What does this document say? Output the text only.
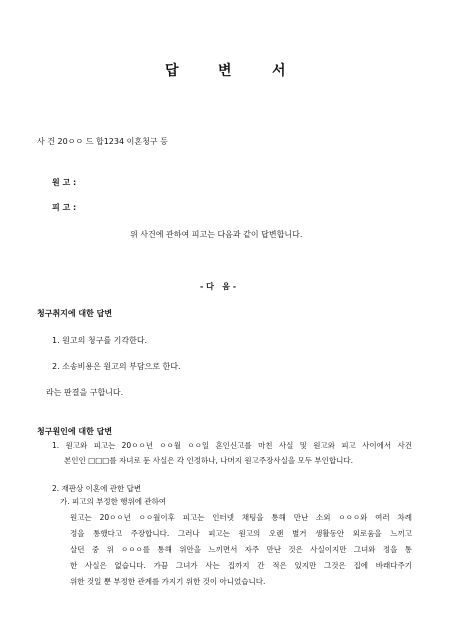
답	변	서
사 건 20ㅇㅇ 드 합1234 이혼청구 등
원 고 :
피 고 :
위 사건에 관하여 피고는 다음과 같이 답변합니다.
- 다   음 -
청구취지에 대한 답변
1. 원고의 청구를 기각한다.
2. 소송비용은 원고의 부담으로 한다.
라는 판결을 구합니다.
청구원인에 대한 답변
1. 원고와 피고는 20ㅇㅇ년 ㅇㅇ월 ㅇㅇ일 혼인신고를 마친 사실 및 원고와 피고 사이에서 사건
본인인 □□□를 자녀로 둔 사실은 각 인정하나, 나머지 원고주장사실을 모두 부인합니다.
2. 재판상 이혼에 관한 답변
가. 피고의 부정한 행위에 관하여
원고는 20ㅇㅇ년 ㅇㅇ월이후 피고는 인터넷 채팅을 통해 만난 소외 ㅇㅇㅇ와 여러 차례
정을 통했다고 주장합니다. 그러나 피고는 원고의 오랜 별거 생활동안 외로움을 느끼고
살던 중 위 ㅇㅇㅇ를 통해 위안을 느끼면서 자주 만난 것은 사실이지만 그녀와 정을 통
한 사실은 없습니다. 가끔 그녀가 사는 집까지 간 적은 있지만 그것은 집에 바래다주기
위한 것일 뿐 부정한 관계를 가지기 위한 것이 아니었습니다.
